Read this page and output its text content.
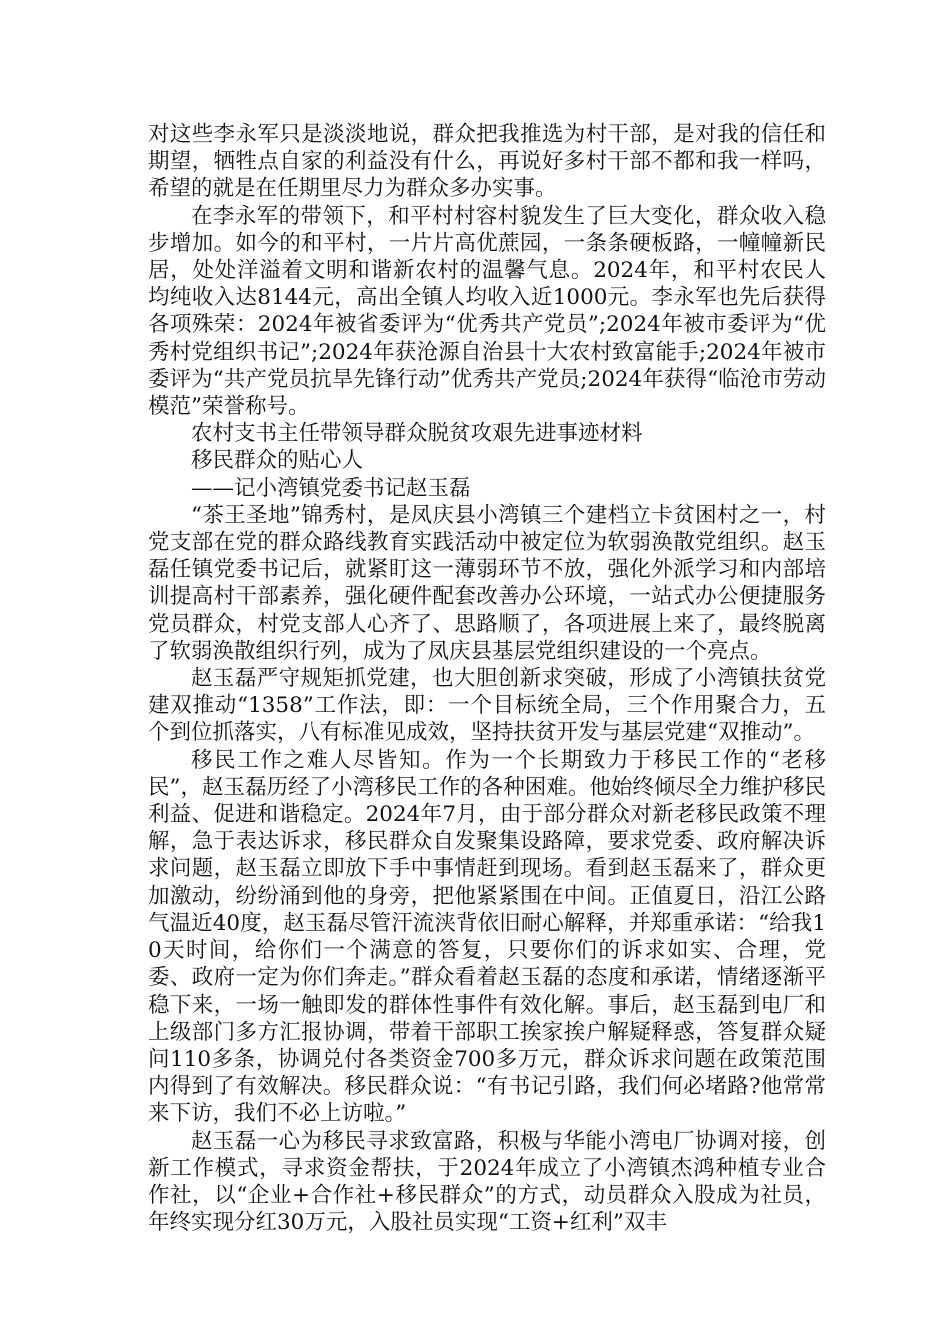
对这些李永军只是淡淡地说，群众把我推选为村干部，是对我的信任和期望，牺牲点自家的利益没有什么，再说好多村干部不都和我一样吗，希望的就是在任期里尽力为群众多办实事。

在李永军的带领下，和平村村容村貌发生了巨大变化，群众收入稳步增加。如今的和平村，一片片高优蔗园，一条条硬板路，一幢幢新民居，处处洋溢着文明和谐新农村的温馨气息。2024年，和平村农民人均纯收入达8144元，高出全镇人均收入近1000元。李永军也先后获得各项殊荣：2024年被省委评为“优秀共产党员”;2024年被市委评为“优秀村党组织书记”;2024年获沧源自治县十大农村致富能手;2024年被市委评为“共产党员抗旱先锋行动”优秀共产党员;2024年获得“临沧市劳动模范”荣誉称号。

农村支书主任带领导群众脱贫攻艰先进事迹材料

移民群众的贴心人

——记小湾镇党委书记赵玉磊

“茶王圣地”锦秀村，是凤庆县小湾镇三个建档立卡贫困村之一，村党支部在党的群众路线教育实践活动中被定位为软弱涣散党组织。赵玉磊任镇党委书记后，就紧盯这一薄弱环节不放，强化外派学习和内部培训提高村干部素养，强化硬件配套改善办公环境，一站式办公便捷服务党员群众，村党支部人心齐了、思路顺了，各项进展上来了，最终脱离了软弱涣散组织行列，成为了凤庆县基层党组织建设的一个亮点。

赵玉磊严守规矩抓党建，也大胆创新求突破，形成了小湾镇扶贫党建双推动“1358”工作法，即：一个目标统全局，三个作用聚合力，五个到位抓落实，八有标准见成效，坚持扶贫开发与基层党建“双推动”。

移民工作之难人尽皆知。作为一个长期致力于移民工作的“老移民”，赵玉磊历经了小湾移民工作的各种困难。他始终倾尽全力维护移民利益、促进和谐稳定。2024年7月，由于部分群众对新老移民政策不理解，急于表达诉求，移民群众自发聚集设路障，要求党委、政府解决诉求问题，赵玉磊立即放下手中事情赶到现场。看到赵玉磊来了，群众更加激动，纷纷涌到他的身旁，把他紧紧围在中间。正值夏日，沿江公路气温近40度，赵玉磊尽管汗流浃背依旧耐心解释，并郑重承诺：“给我10天时间，给你们一个满意的答复，只要你们的诉求如实、合理，党委、政府一定为你们奔走。”群众看着赵玉磊的态度和承诺，情绪逐渐平稳下来，一场一触即发的群体性事件有效化解。事后，赵玉磊到电厂和上级部门多方汇报协调，带着干部职工挨家挨户解疑释惑，答复群众疑问110多条，协调兑付各类资金700多万元，群众诉求问题在政策范围内得到了有效解决。移民群众说：“有书记引路，我们何必堵路?他常常来下访，我们不必上访啦。”

赵玉磊一心为移民寻求致富路，积极与华能小湾电厂协调对接，创新工作模式，寻求资金帮扶，于2024年成立了小湾镇杰鸿种植专业合作社，以“企业+合作社+移民群众”的方式，动员群众入股成为社员，年终实现分红30万元，入股社员实现“工资+红利”双丰
